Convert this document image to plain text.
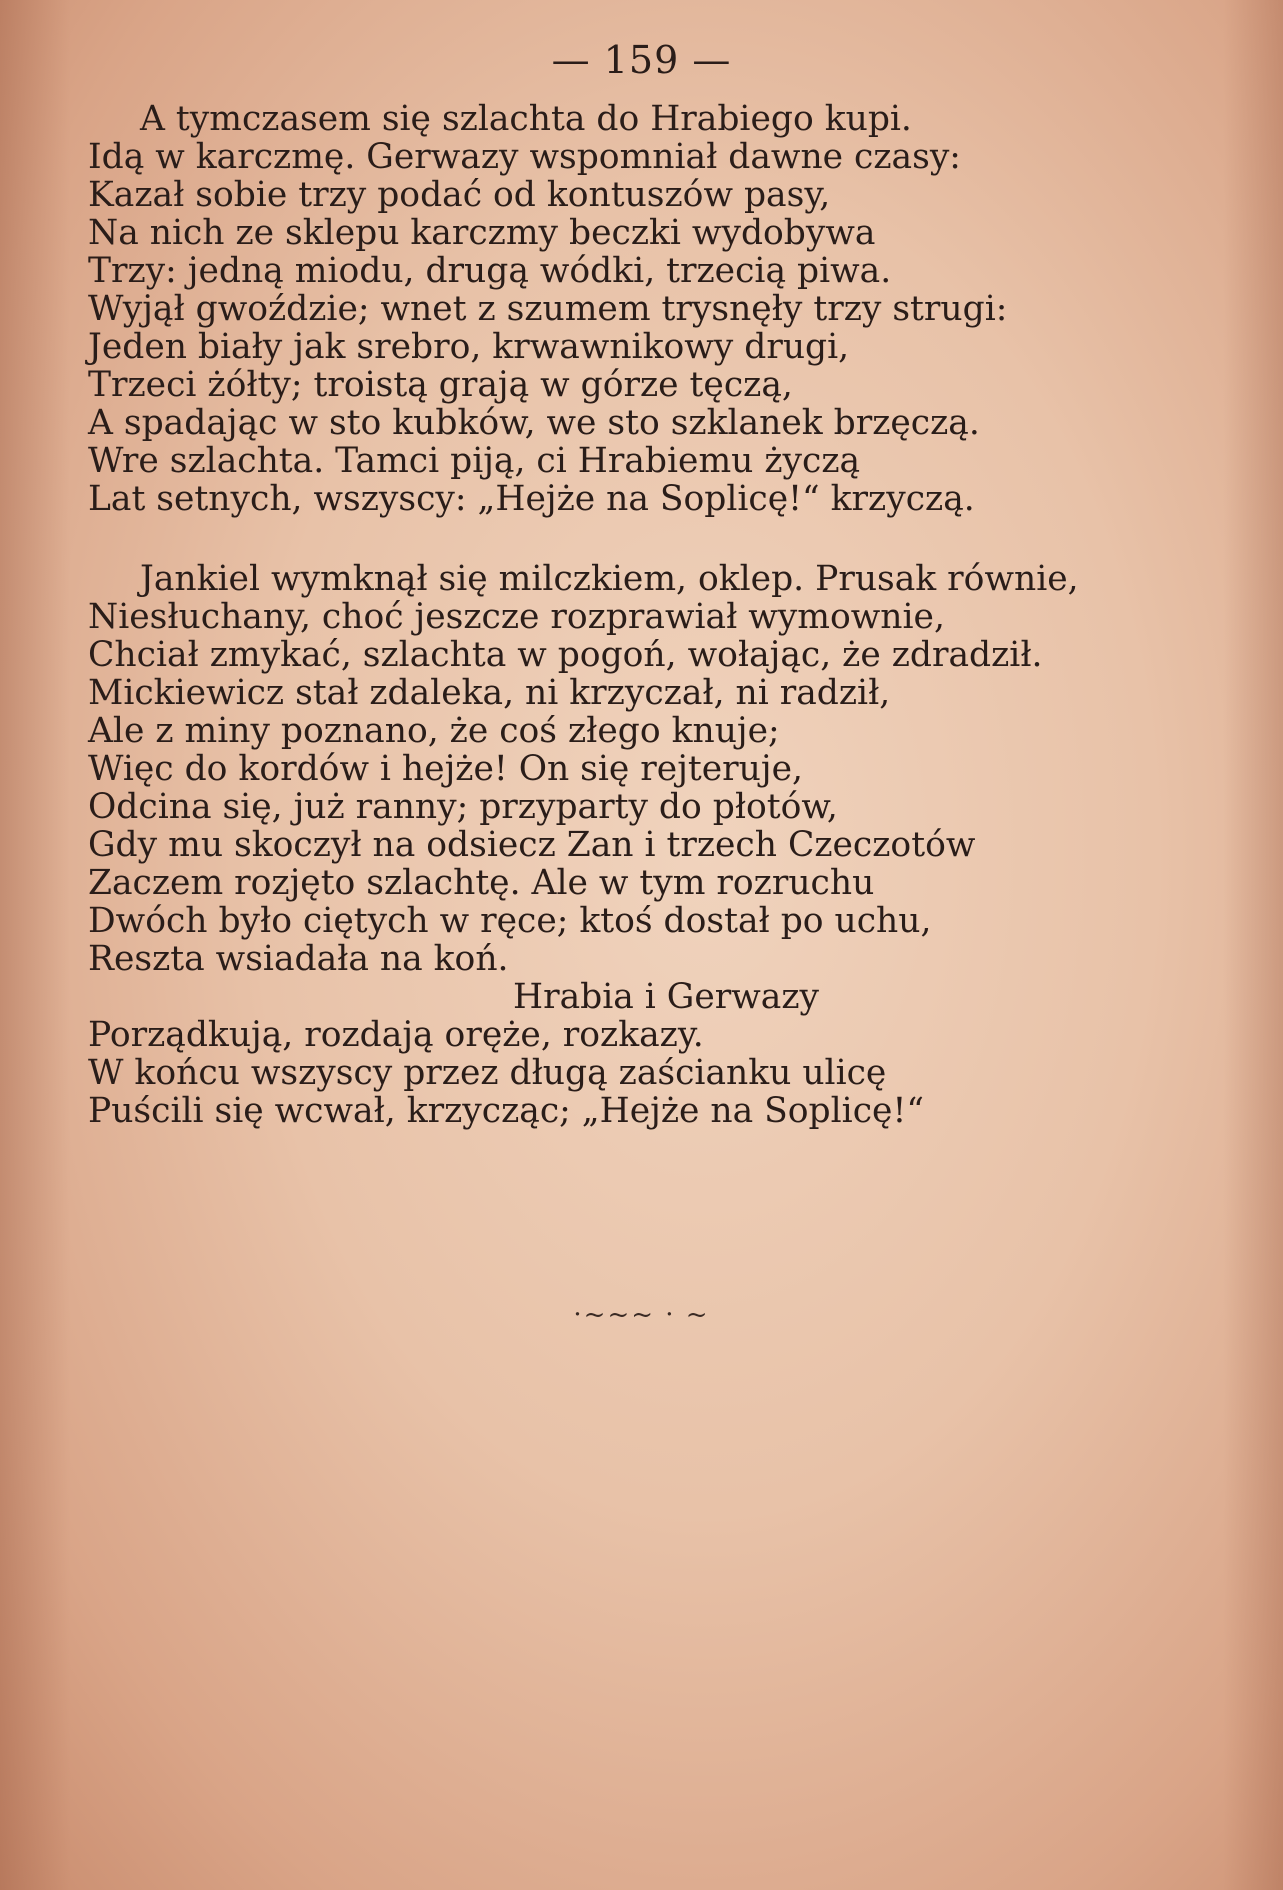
— 159 —
A tymczasem się szlachta do Hrabiego kupi.
Idą w karczmę. Gerwazy wspomniał dawne czasy:
Kazał sobie trzy podać od kontuszów pasy,
Na nich ze sklepu karczmy beczki wydobywa
Trzy: jedną miodu, drugą wódki, trzecią piwa.
Wyjął gwoździe; wnet z szumem trysnęły trzy strugi:
Jeden biały jak srebro, krwawnikowy drugi,
Trzeci żółty; troistą grają w górze tęczą,
A spadając w sto kubków, we sto szklanek brzęczą.
Wre szlachta. Tamci piją, ci Hrabiemu życzą
Lat setnych, wszyscy: „Hejże na Soplicę!“ krzyczą.
Jankiel wymknął się milczkiem, oklep. Prusak równie,
Niesłuchany, choć jeszcze rozprawiał wymownie,
Chciał zmykać, szlachta w pogoń, wołając, że zdradził.
Mickiewicz stał zdaleka, ni krzyczał, ni radził,
Ale z miny poznano, że coś złego knuje;
Więc do kordów i hejże! On się rejteruje,
Odcina się, już ranny; przyparty do płotów,
Gdy mu skoczył na odsiecz Zan i trzech Czeczotów
Zaczem rozjęto szlachtę. Ale w tym rozruchu
Dwóch było ciętych w ręce; ktoś dostał po uchu,
Reszta wsiadała na koń.
Hrabia i Gerwazy
Porządkują, rozdają oręże, rozkazy.
W końcu wszyscy przez długą zaścianku ulicę
Puścili się wcwał, krzycząc; „Hejże na Soplicę!“
·~~~ · ~
